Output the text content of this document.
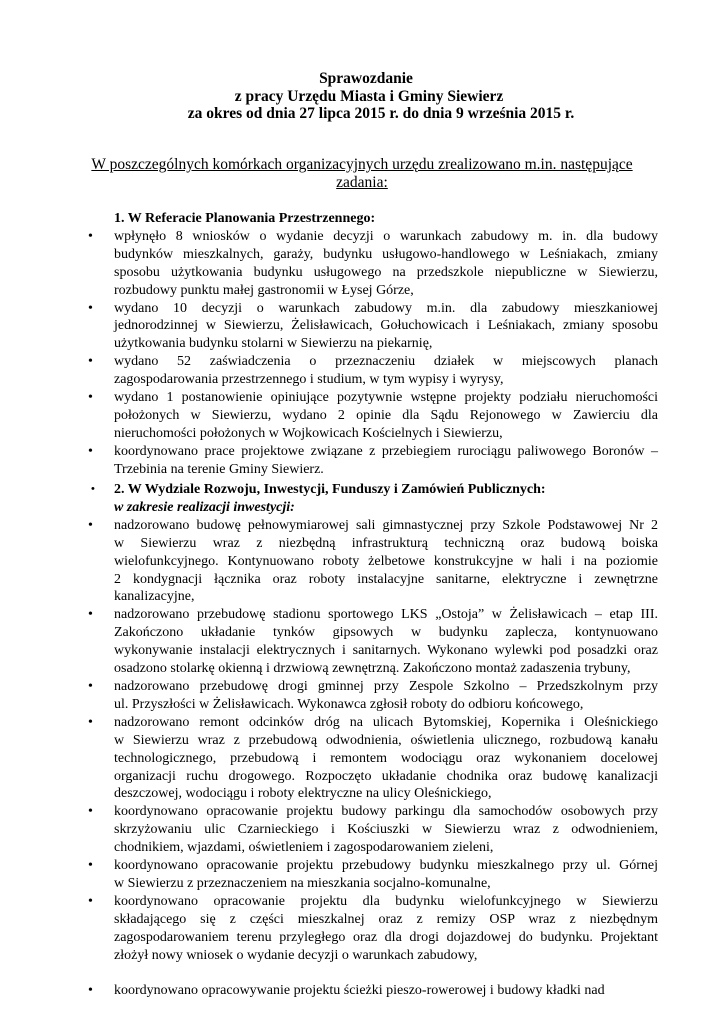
Sprawozdanie
z pracy Urzędu Miasta i Gminy Siewierz
za okres od dnia 27 lipca 2015 r. do dnia 9 września 2015 r.
W poszczególnych komórkach organizacyjnych urzędu zrealizowano m.in. następujące
zadania:

1. W Referacie Planowania Przestrzennego:

• wpłynęło 8 wniosków o wydanie decyzji o warunkach zabudowy m. in. dla budowy
budynków mieszkalnych, garaży, budynku usługowo-handlowego w Leśniakach, zmiany
sposobu użytkowania budynku usługowego na przedszkole niepubliczne w Siewierzu,
rozbudowy punktu małej gastronomii w Łysej Górze,
• wydano 10 decyzji o warunkach zabudowy m.in. dla zabudowy mieszkaniowej
jednorodzinnej w Siewierzu, Żelisławicach, Gołuchowicach i Leśniakach, zmiany sposobu
użytkowania budynku stolarni w Siewierzu na piekarnię,
• wydano 52 zaświadczenia o przeznaczeniu działek w miejscowych planach
zagospodarowania przestrzennego i studium, w tym wypisy i wyrysy,
• wydano 1 postanowienie opiniujące pozytywnie wstępne projekty podziału nieruchomości
położonych w Siewierzu, wydano 2 opinie dla Sądu Rejonowego w Zawierciu dla
nieruchomości położonych w Wojkowicach Kościelnych i Siewierzu,
• koordynowano prace projektowe związane z przebiegiem rurociągu paliwowego Boronów –
Trzebinia na terenie Gminy Siewierz.

• 2. W Wydziale Rozwoju, Inwestycji, Funduszy i Zamówień Publicznych:

w zakresie realizacji inwestycji:

• nadzorowano budowę pełnowymiarowej sali gimnastycznej przy Szkole Podstawowej Nr 2
w Siewierzu wraz z niezbędną infrastrukturą techniczną oraz budową boiska
wielofunkcyjnego. Kontynuowano roboty żelbetowe konstrukcyjne w hali i na poziomie
2 kondygnacji łącznika oraz roboty instalacyjne sanitarne, elektryczne i zewnętrzne
kanalizacyjne,
• nadzorowano przebudowę stadionu sportowego LKS „Ostoja” w Żelisławicach – etap III.
Zakończono układanie tynków gipsowych w budynku zaplecza, kontynuowano
wykonywanie instalacji elektrycznych i sanitarnych. Wykonano wylewki pod posadzki oraz
osadzono stolarkę okienną i drzwiową zewnętrzną. Zakończono montaż zadaszenia trybuny,
• nadzorowano przebudowę drogi gminnej przy Zespole Szkolno – Przedszkolnym przy
ul. Przyszłości w Żelisławicach. Wykonawca zgłosił roboty do odbioru końcowego,
• nadzorowano remont odcinków dróg na ulicach Bytomskiej, Kopernika i Oleśnickiego
w Siewierzu wraz z przebudową odwodnienia, oświetlenia ulicznego, rozbudową kanału
technologicznego, przebudową i remontem wodociągu oraz wykonaniem docelowej
organizacji ruchu drogowego. Rozpoczęto układanie chodnika oraz budowę kanalizacji
deszczowej, wodociągu i roboty elektryczne na ulicy Oleśnickiego,
• koordynowano opracowanie projektu budowy parkingu dla samochodów osobowych przy
skrzyżowaniu ulic Czarnieckiego i Kościuszki w Siewierzu wraz z odwodnieniem,
chodnikiem, wjazdami, oświetleniem i zagospodarowaniem zieleni,
• koordynowano opracowanie projektu przebudowy budynku mieszkalnego przy ul. Górnej
w Siewierzu z przeznaczeniem na mieszkania socjalno-komunalne,
• koordynowano opracowanie projektu dla budynku wielofunkcyjnego w Siewierzu
składającego się z części mieszkalnej oraz z remizy OSP wraz z niezbędnym
zagospodarowaniem terenu przyległego oraz dla drogi dojazdowej do budynku. Projektant
złożył nowy wniosek o wydanie decyzji o warunkach zabudowy,
• koordynowano opracowywanie projektu ścieżki pieszo-rowerowej i budowy kładki nad
